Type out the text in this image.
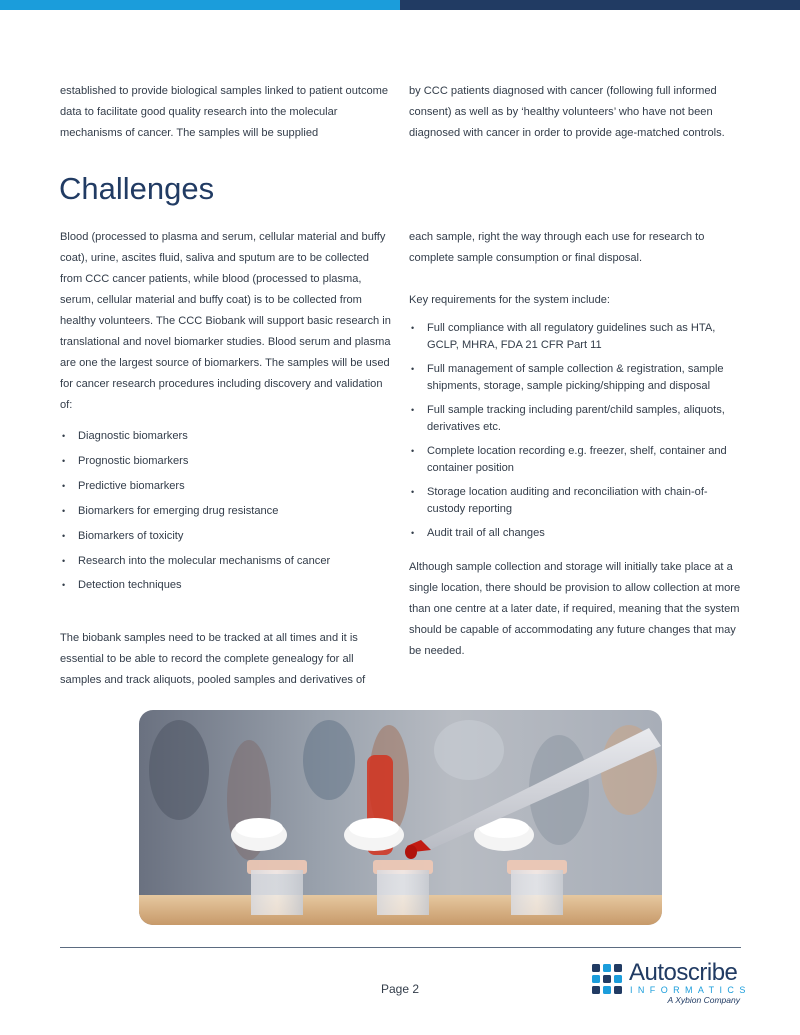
established to provide biological samples linked to patient outcome data to facilitate good quality research into the molecular mechanisms of cancer. The samples will be supplied

by CCC patients diagnosed with cancer (following full informed consent) as well as by ‘healthy volunteers’ who have not been diagnosed with cancer in order to provide age-matched controls.

Challenges

Blood (processed to plasma and serum, cellular material and buffy coat), urine, ascites fluid, saliva and sputum are to be collected from CCC cancer patients, while blood (processed to plasma, serum, cellular material and buffy coat) is to be collected from healthy volunteers. The CCC Biobank will support basic research in translational and novel biomarker studies. Blood serum and plasma are one the largest source of biomarkers. The samples will be used for cancer research procedures including discovery and validation of:

• Diagnostic biomarkers
• Prognostic biomarkers
• Predictive biomarkers
• Biomarkers for emerging drug resistance
• Biomarkers of toxicity
• Research into the molecular mechanisms of cancer
• Detection techniques

The biobank samples need to be tracked at all times and it is essential to be able to record the complete genealogy for all samples and track aliquots, pooled samples and derivatives of

each sample, right the way through each use for research to complete sample consumption or final disposal.

Key requirements for the system include:

• Full compliance with all regulatory guidelines such as HTA, GCLP, MHRA, FDA 21 CFR Part 11
• Full management of sample collection & registration, sample shipments, storage, sample picking/shipping and disposal
• Full sample tracking including parent/child samples, aliquots, derivatives etc.
• Complete location recording e.g. freezer, shelf, container and container position
• Storage location auditing and reconciliation with chain-of-custody reporting
• Audit trail of all changes

Although sample collection and storage will initially take place at a single location, there should be provision to allow collection at more than one centre at a later date, if required, meaning that the system should be capable of accommodating any future changes that may be needed.

Page 2
Autoscribe
INFORMATICS
A Xybion Company
